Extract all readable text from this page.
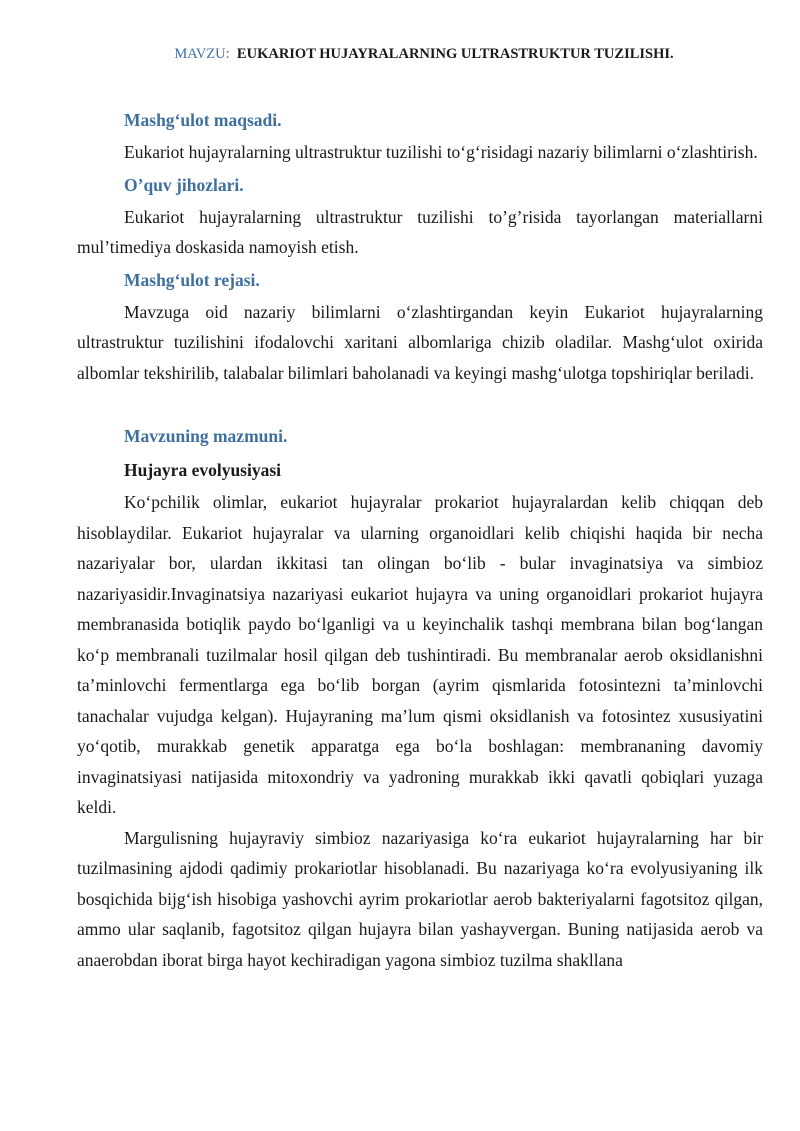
MAVZU: EUKARIOT HUJAYRALARNING ULTRASTRUKTUR TUZILISHI.

Mashg‘ulot maqsadi.

Eukariot hujayralarning ultrastruktur tuzilishi to‘g‘risidagi nazariy bilimlarni o‘zlashtirish.

O’quv jihozlari.

Eukariot hujayralarning ultrastruktur tuzilishi to’g’risida tayorlangan materiallarni mul’timediya doskasida namoyish etish.

Mashg‘ulot rejasi.

Mavzuga oid nazariy bilimlarni o‘zlashtirgandan keyin Eukariot hujayralarning ultrastruktur tuzilishini ifodalovchi xaritani albomlariga chizib oladilar. Mashg‘ulot oxirida albomlar tekshirilib, talabalar bilimlari baholanadi va keyingi mashg‘ulotga topshiriqlar beriladi.

Mavzuning mazmuni.

Hujayra evolyusiyasi

Ko‘pchilik olimlar, eukariot hujayralar prokariot hujayralardan kelib chiqqan deb hisoblaydilar. Eukariot hujayralar va ularning organoidlari kelib chiqishi haqida bir necha nazariyalar bor, ulardan ikkitasi tan olingan bo‘lib - bular invaginatsiya va simbioz nazariyasidir.Invaginatsiya nazariyasi eukariot hujayra va uning organoidlari prokariot hujayra membranasida botiqlik paydo bo‘lganligi va u keyinchalik tashqi membrana bilan bog‘langan ko‘p membranali tuzilmalar hosil qilgan deb tushintiradi. Bu membranalar aerob oksidlanishni ta’minlovchi fermentlarga ega bo‘lib borgan (ayrim qismlarida fotosintezni ta’minlovchi tanachalar vujudga kelgan). Hujayraning ma’lum qismi oksidlanish va fotosintez xususiyatini yo‘qotib, murakkab genetik apparatga ega bo‘la boshlagan: membrananing davomiy invaginatsiyasi natijasida mitoxondriy va yadroning murakkab ikki qavatli qobiqlari yuzaga keldi.

Margulisning hujayraviy simbioz nazariyasiga ko‘ra eukariot hujayralarning har bir tuzilmasining ajdodi qadimiy prokariotlar hisoblanadi. Bu nazariyaga ko‘ra evolyusiyaning ilk bosqichida bijg‘ish hisobiga yashovchi ayrim prokariotlar aerob bakteriyalarni fagotsitoz qilgan, ammo ular saqlanib, fagotsitoz qilgan hujayra bilan yashayvergan. Buning natijasida aerob va anaerobdan iborat birga hayot kechiradigan yagona simbioz tuzilma shakllana
